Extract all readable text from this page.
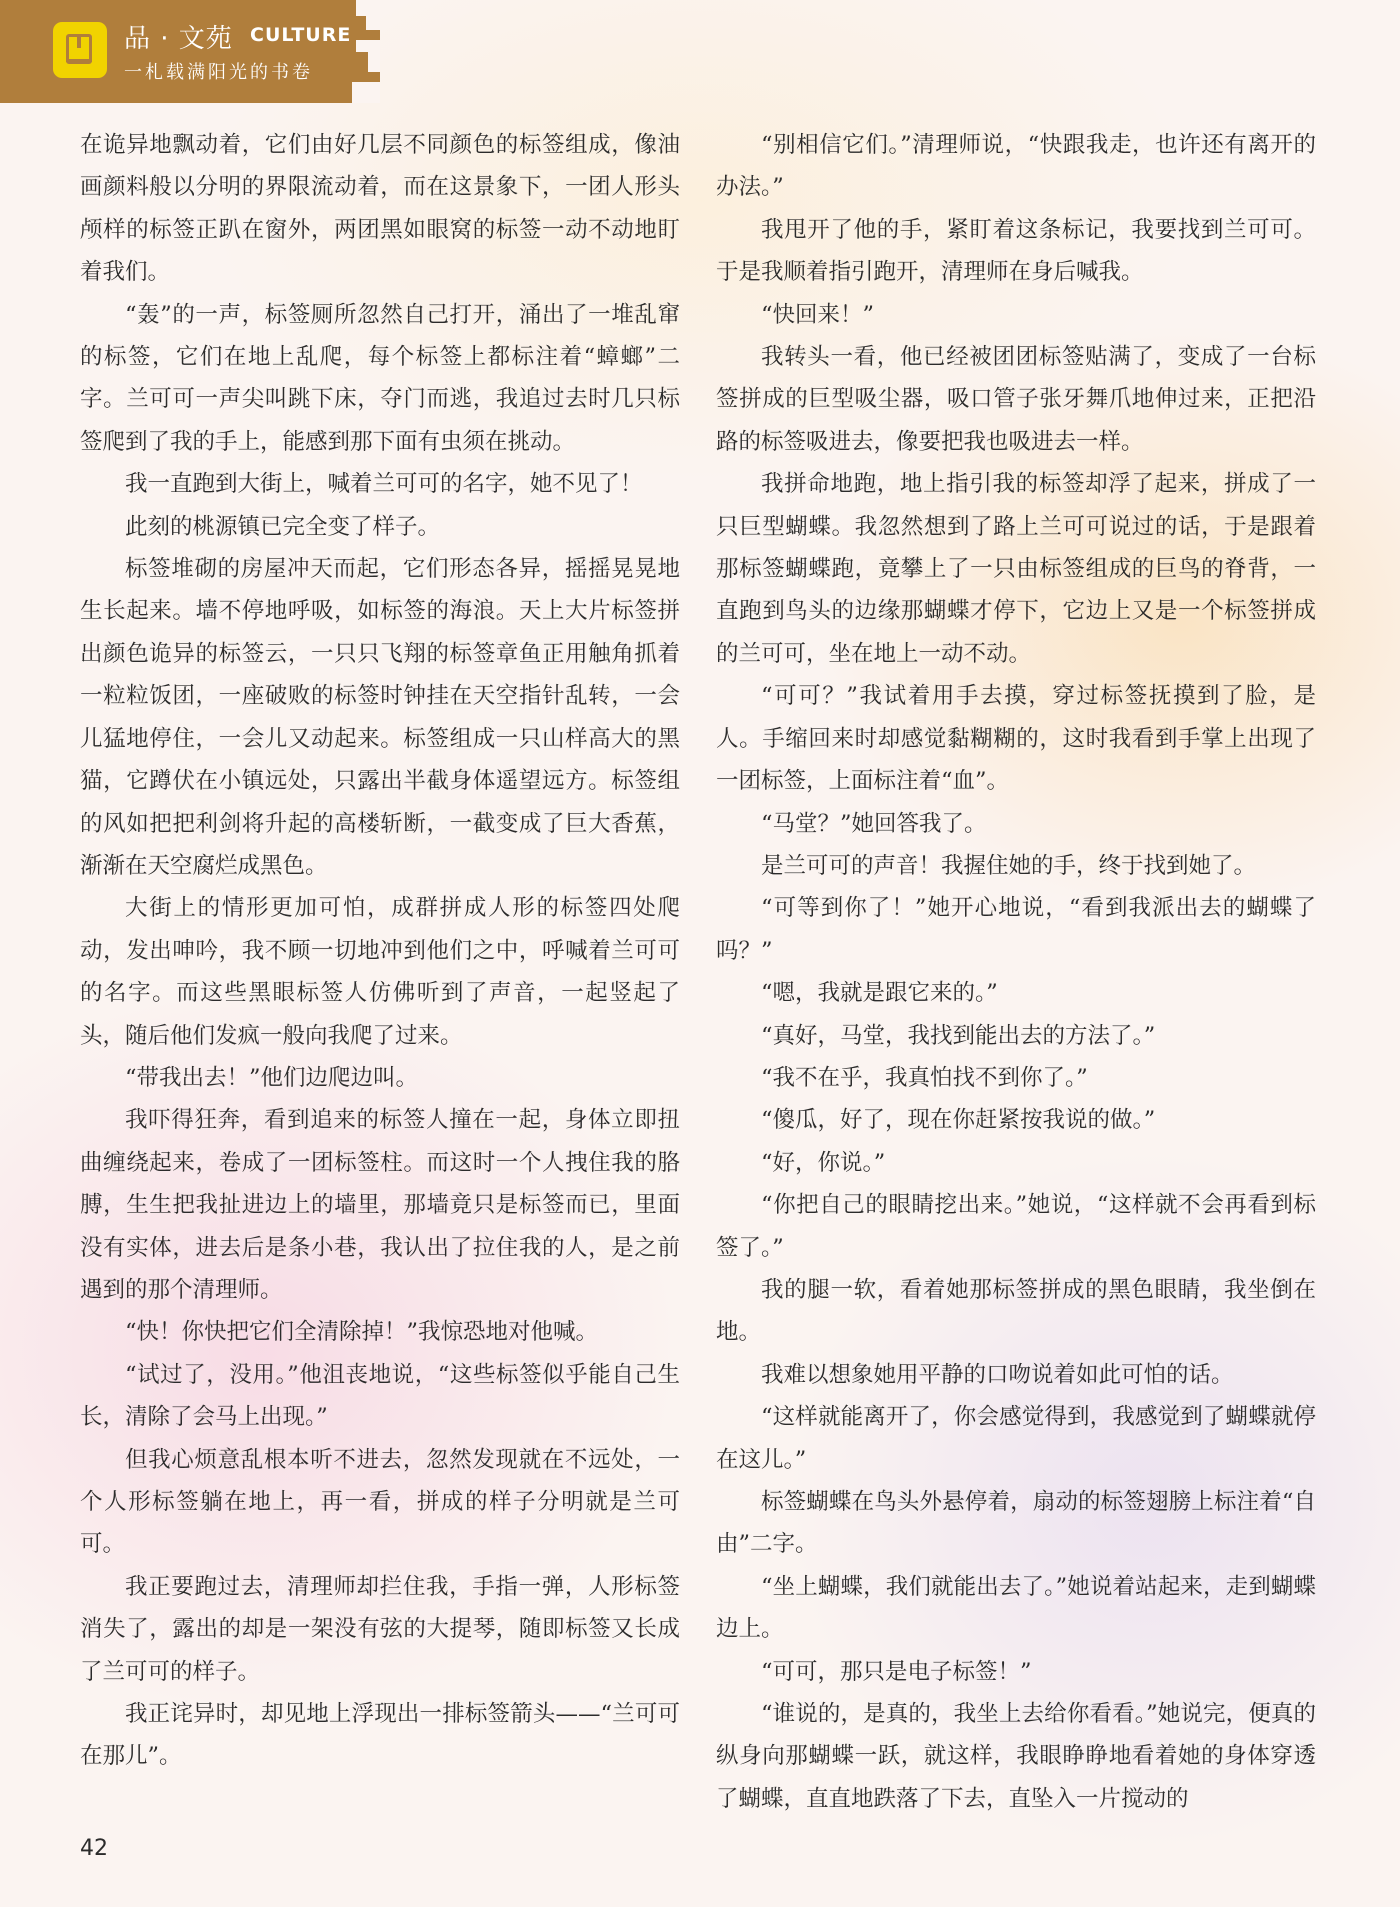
品 · 文苑 CULTURE
一札载满阳光的书卷

在诡异地飘动着，它们由好几层不同颜色的标签组成，像油画颜料般以分明的界限流动着，而在这景象下，一团人形头颅样的标签正趴在窗外，两团黑如眼窝的标签一动不动地盯着我们。

“轰”的一声，标签厕所忽然自己打开，涌出了一堆乱窜的标签，它们在地上乱爬，每个标签上都标注着“蟑螂”二字。兰可可一声尖叫跳下床，夺门而逃，我追过去时几只标签爬到了我的手上，能感到那下面有虫须在挑动。

我一直跑到大街上，喊着兰可可的名字，她不见了！

此刻的桃源镇已完全变了样子。

标签堆砌的房屋冲天而起，它们形态各异，摇摇晃晃地生长起来。墙不停地呼吸，如标签的海浪。天上大片标签拼出颜色诡异的标签云，一只只飞翔的标签章鱼正用触角抓着一粒粒饭团，一座破败的标签时钟挂在天空指针乱转，一会儿猛地停住，一会儿又动起来。标签组成一只山样高大的黑猫，它蹲伏在小镇远处，只露出半截身体遥望远方。标签组的风如把把利剑将升起的高楼斩断，一截变成了巨大香蕉，渐渐在天空腐烂成黑色。

大街上的情形更加可怕，成群拼成人形的标签四处爬动，发出呻吟，我不顾一切地冲到他们之中，呼喊着兰可可的名字。而这些黑眼标签人仿佛听到了声音，一起竖起了头，随后他们发疯一般向我爬了过来。

“带我出去！”他们边爬边叫。

我吓得狂奔，看到追来的标签人撞在一起，身体立即扭曲缠绕起来，卷成了一团标签柱。而这时一个人拽住我的胳膊，生生把我扯进边上的墙里，那墙竟只是标签而已，里面没有实体，进去后是条小巷，我认出了拉住我的人，是之前遇到的那个清理师。

“快！你快把它们全清除掉！”我惊恐地对他喊。

“试过了，没用。”他沮丧地说，“这些标签似乎能自己生长，清除了会马上出现。”

但我心烦意乱根本听不进去，忽然发现就在不远处，一个人形标签躺在地上，再一看，拼成的样子分明就是兰可可。

我正要跑过去，清理师却拦住我，手指一弹，人形标签消失了，露出的却是一架没有弦的大提琴，随即标签又长成了兰可可的样子。

我正诧异时，却见地上浮现出一排标签箭头——“兰可可在那儿”。

“别相信它们。”清理师说，“快跟我走，也许还有离开的办法。”

我甩开了他的手，紧盯着这条标记，我要找到兰可可。于是我顺着指引跑开，清理师在身后喊我。

“快回来！”

我转头一看，他已经被团团标签贴满了，变成了一台标签拼成的巨型吸尘器，吸口管子张牙舞爪地伸过来，正把沿路的标签吸进去，像要把我也吸进去一样。

我拼命地跑，地上指引我的标签却浮了起来，拼成了一只巨型蝴蝶。我忽然想到了路上兰可可说过的话，于是跟着那标签蝴蝶跑，竟攀上了一只由标签组成的巨鸟的脊背，一直跑到鸟头的边缘那蝴蝶才停下，它边上又是一个标签拼成的兰可可，坐在地上一动不动。

“可可？”我试着用手去摸，穿过标签抚摸到了脸，是人。手缩回来时却感觉黏糊糊的，这时我看到手掌上出现了一团标签，上面标注着“血”。

“马堂？”她回答我了。

是兰可可的声音！我握住她的手，终于找到她了。

“可等到你了！”她开心地说，“看到我派出去的蝴蝶了吗？”

“嗯，我就是跟它来的。”

“真好，马堂，我找到能出去的方法了。”

“我不在乎，我真怕找不到你了。”

“傻瓜，好了，现在你赶紧按我说的做。”

“好，你说。”

“你把自己的眼睛挖出来。”她说，“这样就不会再看到标签了。”

我的腿一软，看着她那标签拼成的黑色眼睛，我坐倒在地。

我难以想象她用平静的口吻说着如此可怕的话。

“这样就能离开了，你会感觉得到，我感觉到了蝴蝶就停在这儿。”

标签蝴蝶在鸟头外悬停着，扇动的标签翅膀上标注着“自由”二字。

“坐上蝴蝶，我们就能出去了。”她说着站起来，走到蝴蝶边上。

“可可，那只是电子标签！”

“谁说的，是真的，我坐上去给你看看。”她说完，便真的纵身向那蝴蝶一跃，就这样，我眼睁睁地看着她的身体穿透了蝴蝶，直直地跌落了下去，直坠入一片搅动的

42
